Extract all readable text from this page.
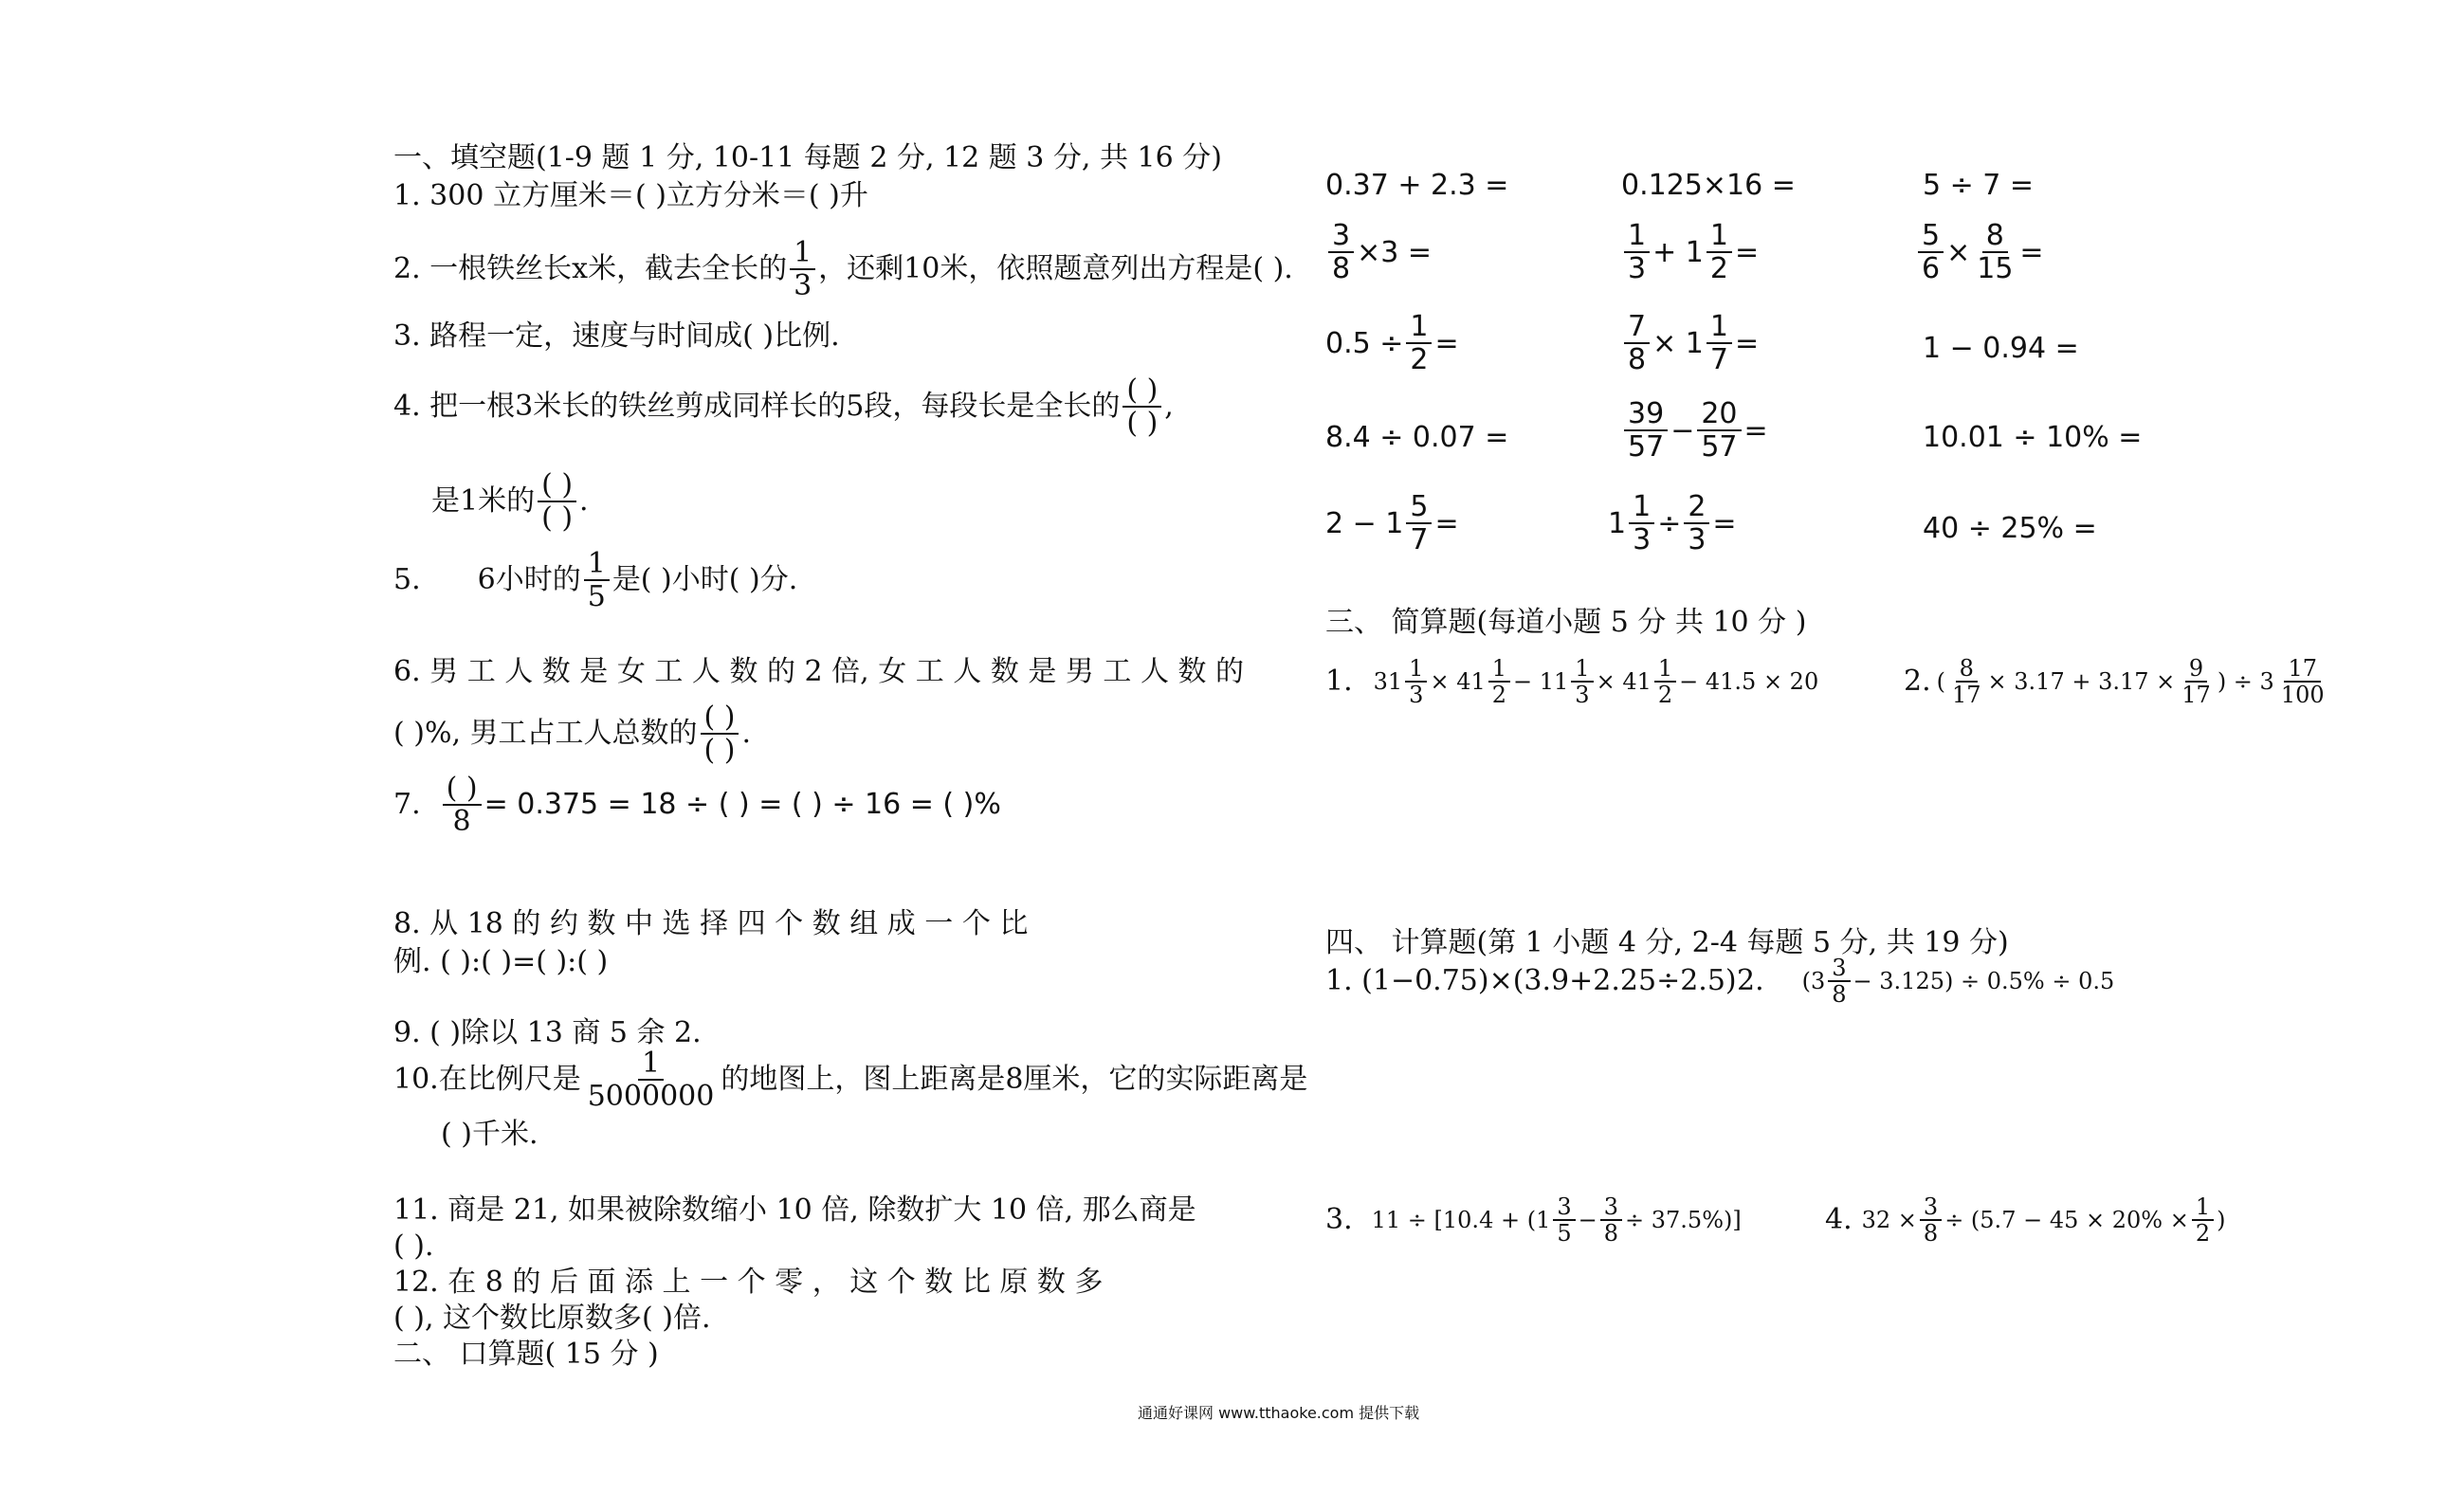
一、填空题(1-9 题 1 分, 10-11 每题 2 分, 12 题 3 分, 共 16 分)
1. 300 立方厘米＝( )立方分米＝( )升
2. 一根铁丝长x米，截去全长的 $\frac{1}{3}$ ，还剩10米，依照题意列出方程是( ).
3. 路程一定，速度与时间成( )比例.
4. 把一根3米长的铁丝剪成同样长的5段，每段长是全长的 $\frac{( )}{( )}$ ,
是1米的 $\frac{( )}{( )}$ .
5. 6小时的 $\frac{1}{5}$ 是( )小时( )分.
6. 男 工 人 数 是 女 工 人 数 的 2 倍, 女 工 人 数 是 男 工 人 数 的
( )%, 男工占工人总数的 $\frac{( )}{( )}$ .
7. $\frac{( )}{8} = 0.375 = 18$ ÷ ( ) = ( ) ÷ 16 = ( )%
8. 从 18 的 约 数 中 选 择 四 个 数 组 成 一 个 比
例. ( ):( )=( ):( )
9. ( )除以 13 商 5 余 2.
10. 在比例尺是 $\frac{1}{5000000}$ 的地图上，图上距离是8厘米，它的实际距离是
( )千米.
11. 商是 21, 如果被除数缩小 10 倍, 除数扩大 10 倍, 那么商是
( ).
12. 在 8 的 后 面 添 上 一 个 零 ， 这 个 数 比 原 数 多
( ), 这个数比原数多( )倍.
二、 口算题( 15 分 )
0.37 + 2.3 =	0.125×16 =	5 ÷ 7 =
$\frac{3}{8} \times 3$ =	$\frac{1}{3} + 1 \frac{1}{2}$ =	$\frac{5}{6} \times \frac{8}{15}$ =
$0.5 \div \frac{1}{2}$ =	$\frac{7}{8} \times 1 \frac{1}{7}$ =	1 − 0.94 =
8.4 ÷ 0.07 =	$\frac{39}{57} - \frac{20}{57}$ =	10.01 ÷ 10% =
$2 - 1 \frac{5}{7}$ =	$1 \frac{1}{3} \div \frac{2}{3}$ =	40 ÷ 25% =
三、 简算题(每道小题 5 分 共 10 分 )
1. $31 \frac{1}{3} \times 41 \frac{1}{2} - 11 \frac{1}{3} \times 41 \frac{1}{2} - 41.5 \times 20$	2. ( $\frac{8}{17} \times 3.17 + 3.17 \times \frac{9}{17}$ ) ÷ $3 \frac{17}{100}$
四、 计算题(第 1 小题 4 分, 2-4 每题 5 分, 共 19 分)
1. (1−0.75)×(3.9+2.25÷2.5) 2. $(3 \frac{3}{8} - 3.125) \div 0.5\% \div 0.5$
3. $11 \div [10.4 + (1 \frac{3}{5} - \frac{3}{8} \div 37.5\%)]$	4. $32 \times \frac{3}{8} \div (5.7 - 45 \times 20\% \times \frac{1}{2}$ )
通通好课网 www.tthaoke.com 提供下载
